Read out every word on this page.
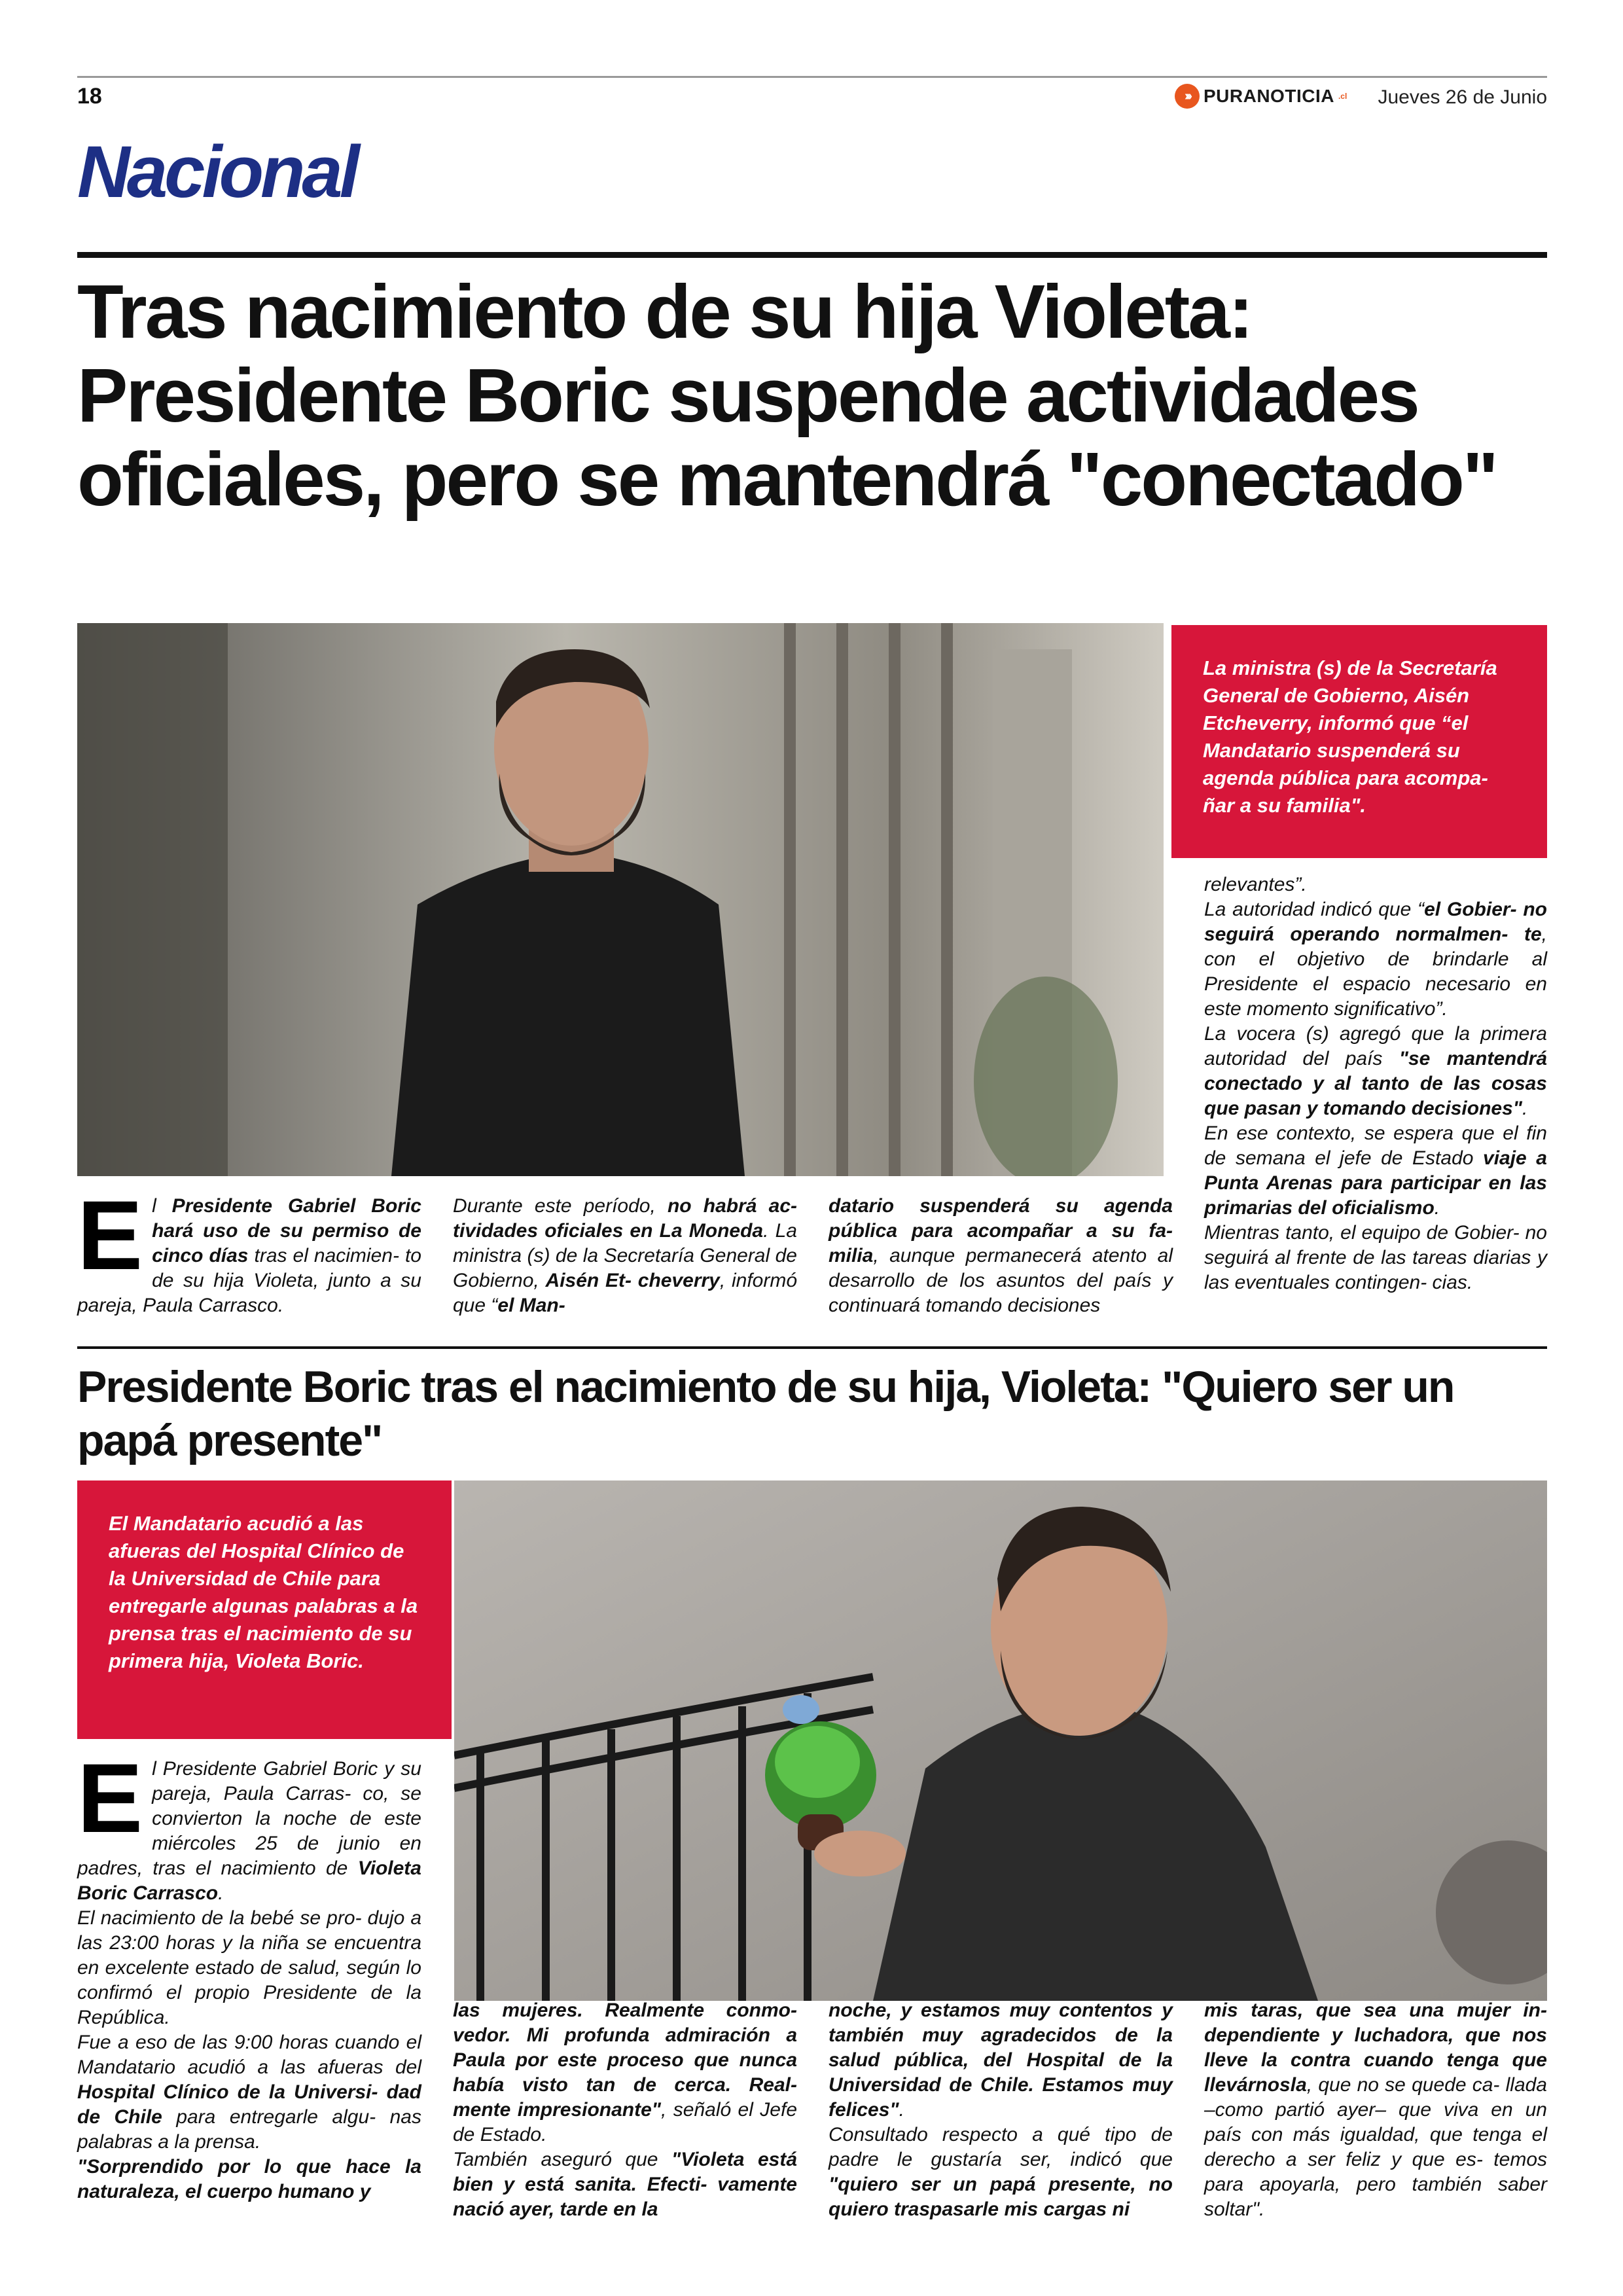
18	››› PURANOTICIA .cl Jueves 26 de Junio
Nacional
Tras nacimiento de su hija Violeta: Presidente Boric suspende actividades oficiales, pero se mantendrá "conectado"
La ministra (s) de la Secretaría General de Gobierno, Aisén Etcheverry, informó que “el Mandatario suspenderá su agenda pública para acompa- ñar a su familia".
El Presidente Gabriel Boric hará uso de su permiso de cinco días tras el nacimien- to de su hija Violeta, junto a su pareja, Paula Carrasco.
Durante este período, no habrá ac- tividades oficiales en La Moneda. La ministra (s) de la Secretaría General de Gobierno, Aisén Et- cheverry, informó que “el Man-
datario suspenderá su agenda pública para acompañar a su fa- milia, aunque permanecerá atento al desarrollo de los asuntos del país y continuará tomando decisiones

relevantes”.

La autoridad indicó que “el Gobier- no seguirá operando normalmen- te, con el objetivo de brindarle al Presidente el espacio necesario en este momento significativo”.

La vocera (s) agregó que la primera autoridad del país "se mantendrá conectado y al tanto de las cosas que pasan y tomando decisiones".

En ese contexto, se espera que el fin de semana el jefe de Estado viaje a Punta Arenas para participar en las primarias del oficialismo.

Mientras tanto, el equipo de Gobier- no seguirá al frente de las tareas diarias y las eventuales contingen- cias.

Presidente Boric tras el nacimiento de su hija, Violeta: "Quiero ser un papá presente"
El Mandatario acudió a las afueras del Hospital Clínico de la Universidad de Chile para entregarle algunas palabras a la prensa tras el nacimiento de su primera hija, Violeta Boric.

El Presidente Gabriel Boric y su pareja, Paula Carras- co, se convierton la noche de este miércoles 25 de junio en padres, tras el nacimiento de Violeta Boric Carrasco.

El nacimiento de la bebé se pro- dujo a las 23:00 horas y la niña se encuentra en excelente estado de salud, según lo confirmó el propio Presidente de la República.

Fue a eso de las 9:00 horas cuando el Mandatario acudió a las afueras del Hospital Clínico de la Universi- dad de Chile para entregarle algu- nas palabras a la prensa.

"Sorprendido por lo que hace la naturaleza, el cuerpo humano y

las mujeres. Realmente conmo- vedor. Mi profunda admiración a Paula por este proceso que nunca había visto tan de cerca. Real- mente impresionante", señaló el Jefe de Estado.

También aseguró que "Violeta está bien y está sanita. Efecti- vamente nació ayer, tarde en la

noche, y estamos muy contentos y también muy agradecidos de la salud pública, del Hospital de la Universidad de Chile. Estamos muy felices".

Consultado respecto a qué tipo de padre le gustaría ser, indicó que "quiero ser un papá presente, no quiero traspasarle mis cargas ni

mis taras, que sea una mujer in- dependiente y luchadora, que nos lleve la contra cuando tenga que llevárnosla, que no se quede ca- llada –como partió ayer– que viva en un país con más igualdad, que tenga el derecho a ser feliz y que es- temos para apoyarla, pero también saber soltar".
